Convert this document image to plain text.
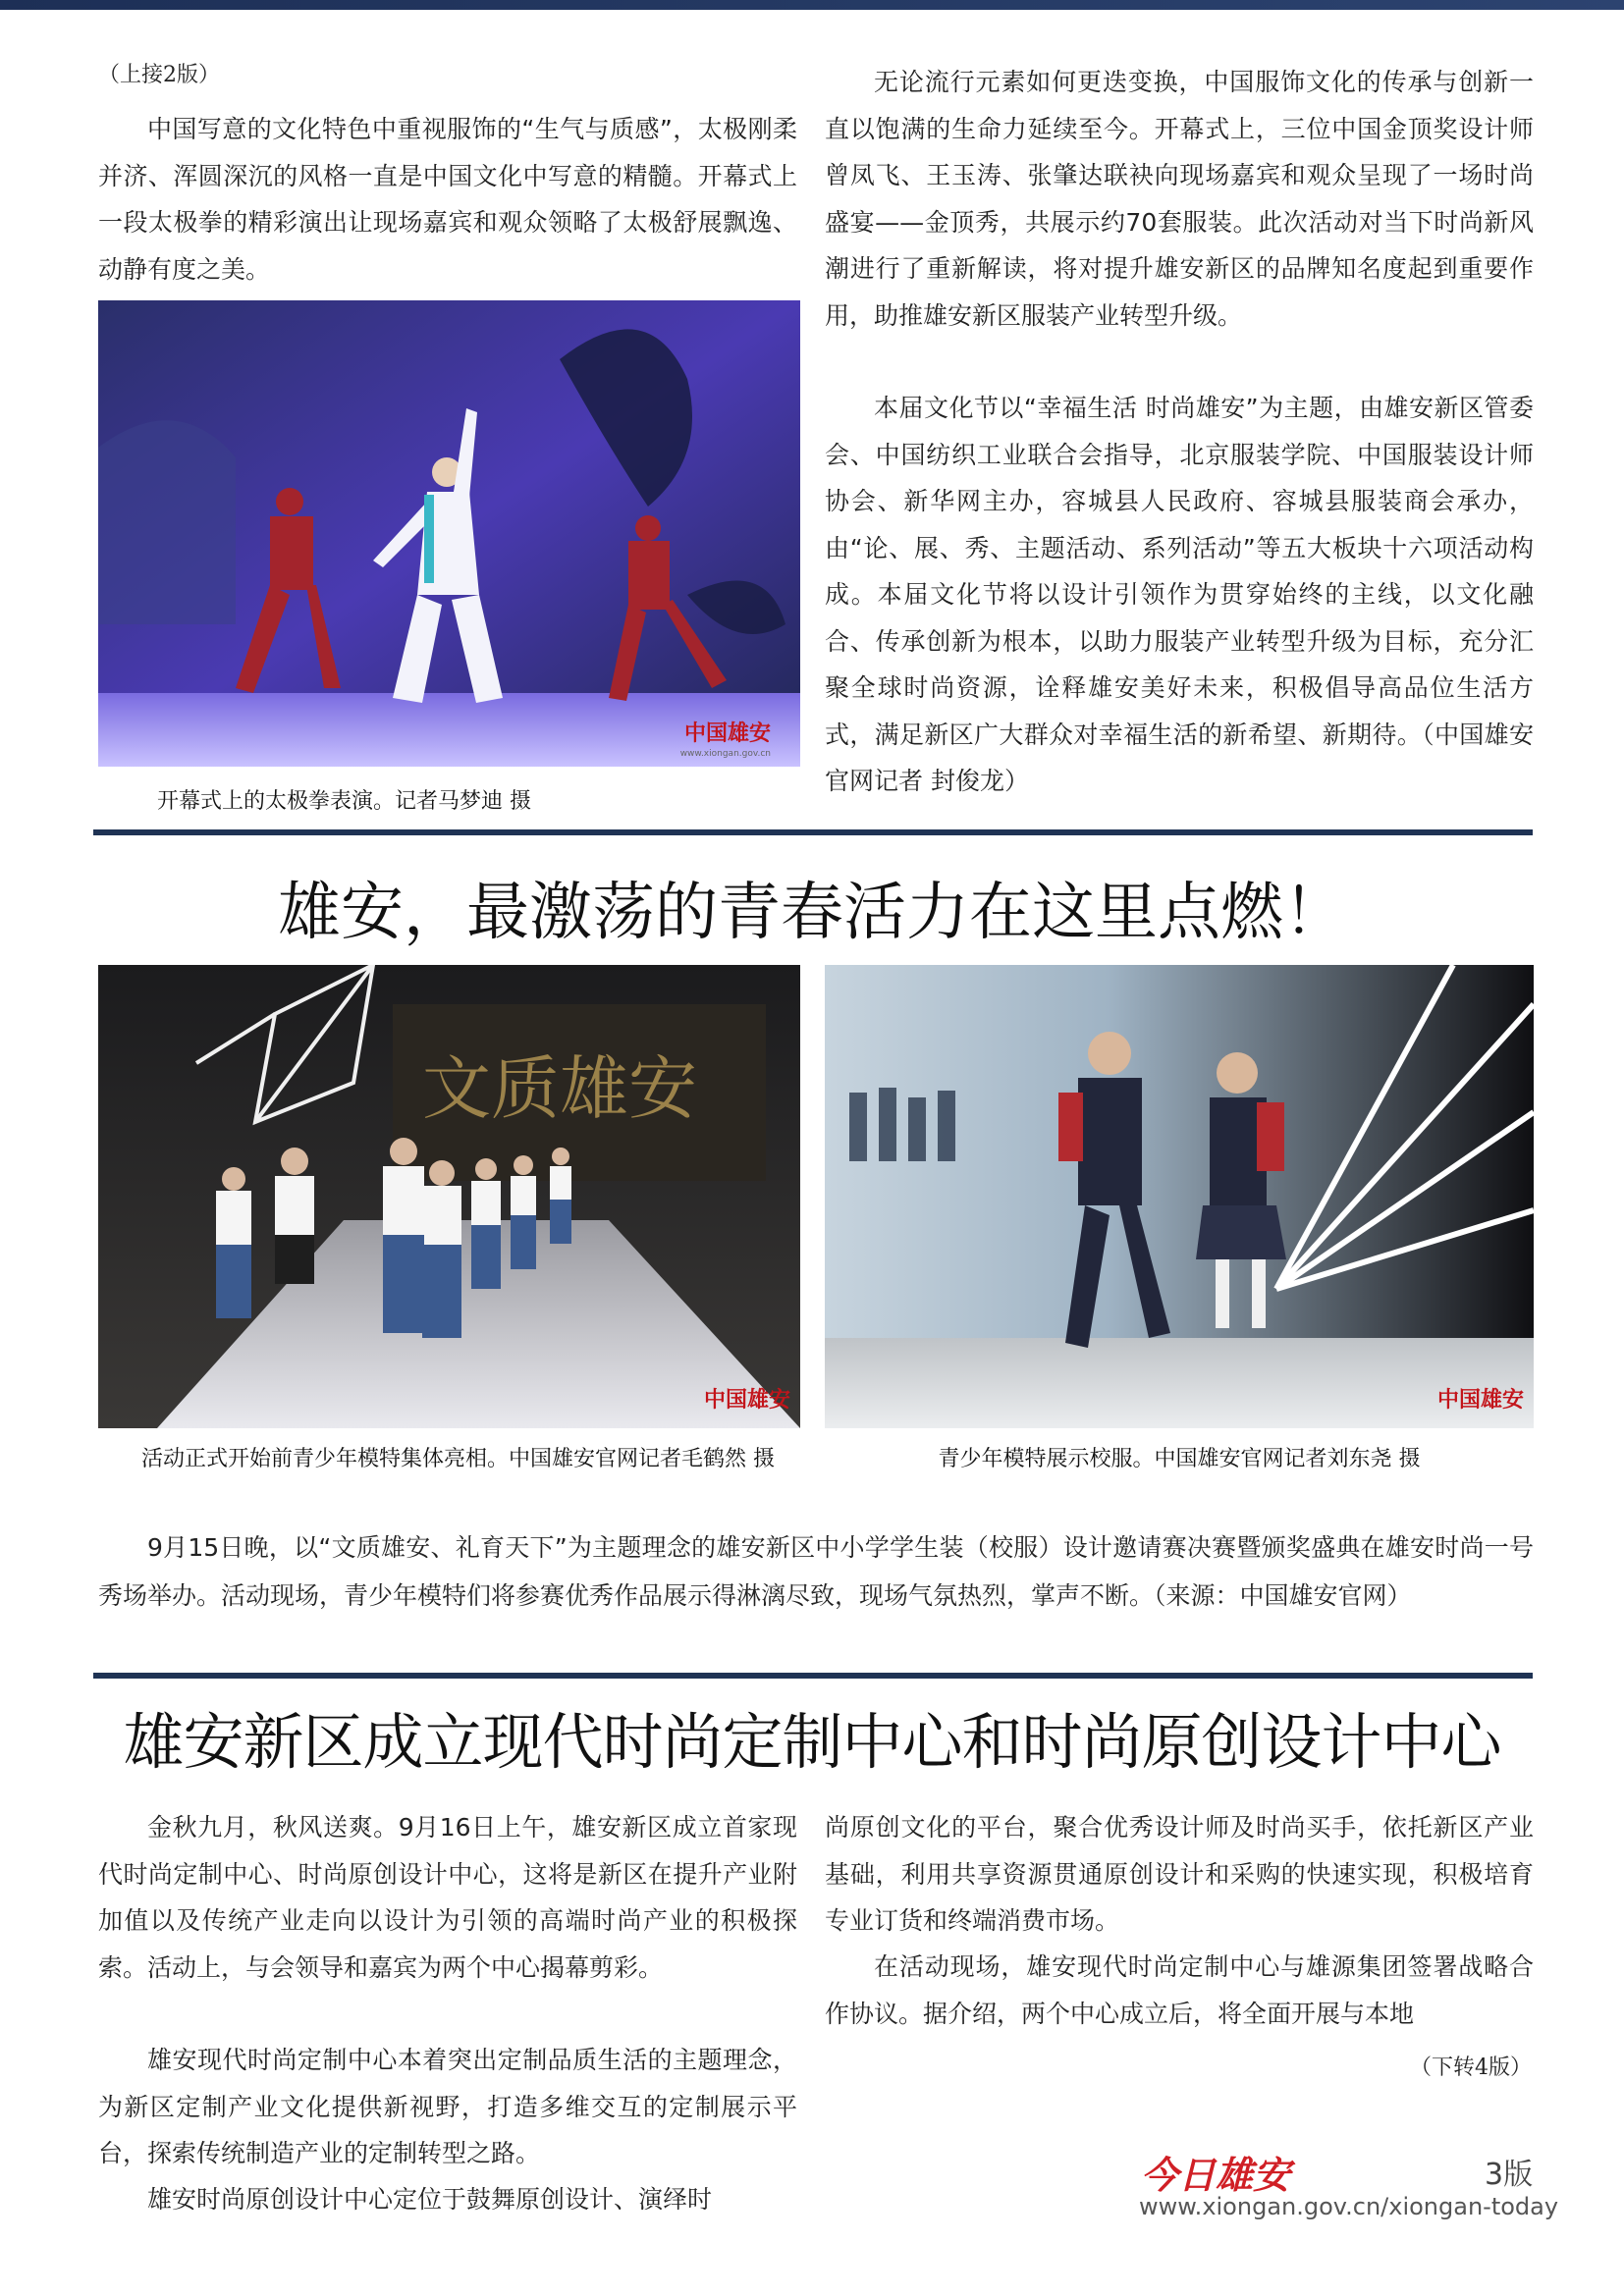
（上接2版）

中国写意的文化特色中重视服饰的“生气与质感”，太极刚柔并济、浑圆深沉的风格一直是中国文化中写意的精髓。开幕式上一段太极拳的精彩演出让现场嘉宾和观众领略了太极舒展飘逸、动静有度之美。

中国雄安
www.xiongan.gov.cn
开幕式上的太极拳表演。记者马梦迪 摄

无论流行元素如何更迭变换，中国服饰文化的传承与创新一直以饱满的生命力延续至今。开幕式上，三位中国金顶奖设计师曾凤飞、王玉涛、张肇达联袂向现场嘉宾和观众呈现了一场时尚盛宴——金顶秀，共展示约70套服装。此次活动对当下时尚新风潮进行了重新解读，将对提升雄安新区的品牌知名度起到重要作用，助推雄安新区服装产业转型升级。

本届文化节以“幸福生活 时尚雄安”为主题，由雄安新区管委会、中国纺织工业联合会指导，北京服装学院、中国服装设计师协会、新华网主办，容城县人民政府、容城县服装商会承办，由“论、展、秀、主题活动、系列活动”等五大板块十六项活动构成。本届文化节将以设计引领作为贯穿始终的主线，以文化融合、传承创新为根本，以助力服装产业转型升级为目标，充分汇聚全球时尚资源，诠释雄安美好未来，积极倡导高品位生活方式，满足新区广大群众对幸福生活的新希望、新期待。（中国雄安官网记者 封俊龙）

雄安，最激荡的青春活力在这里点燃！
文质雄安
中国雄安	中国雄安
活动正式开始前青少年模特集体亮相。中国雄安官网记者毛鹤然 摄	青少年模特展示校服。中国雄安官网记者刘东尧 摄

9月15日晚，以“文质雄安、礼育天下”为主题理念的雄安新区中小学学生装（校服）设计邀请赛决赛暨颁奖盛典在雄安时尚一号秀场举办。活动现场，青少年模特们将参赛优秀作品展示得淋漓尽致，现场气氛热烈，掌声不断。（来源：中国雄安官网）

雄安新区成立现代时尚定制中心和时尚原创设计中心

金秋九月，秋风送爽。9月16日上午，雄安新区成立首家现代时尚定制中心、时尚原创设计中心，这将是新区在提升产业附加值以及传统产业走向以设计为引领的高端时尚产业的积极探索。活动上，与会领导和嘉宾为两个中心揭幕剪彩。

雄安现代时尚定制中心本着突出定制品质生活的主题理念，为新区定制产业文化提供新视野，打造多维交互的定制展示平台，探索传统制造产业的定制转型之路。

雄安时尚原创设计中心定位于鼓舞原创设计、演绎时

尚原创文化的平台，聚合优秀设计师及时尚买手，依托新区产业基础，利用共享资源贯通原创设计和采购的快速实现，积极培育专业订货和终端消费市场。

在活动现场，雄安现代时尚定制中心与雄源集团签署战略合作协议。据介绍，两个中心成立后，将全面开展与本地

（下转4版）
今日雄安	3版
www.xiongan.gov.cn/xiongan-today
